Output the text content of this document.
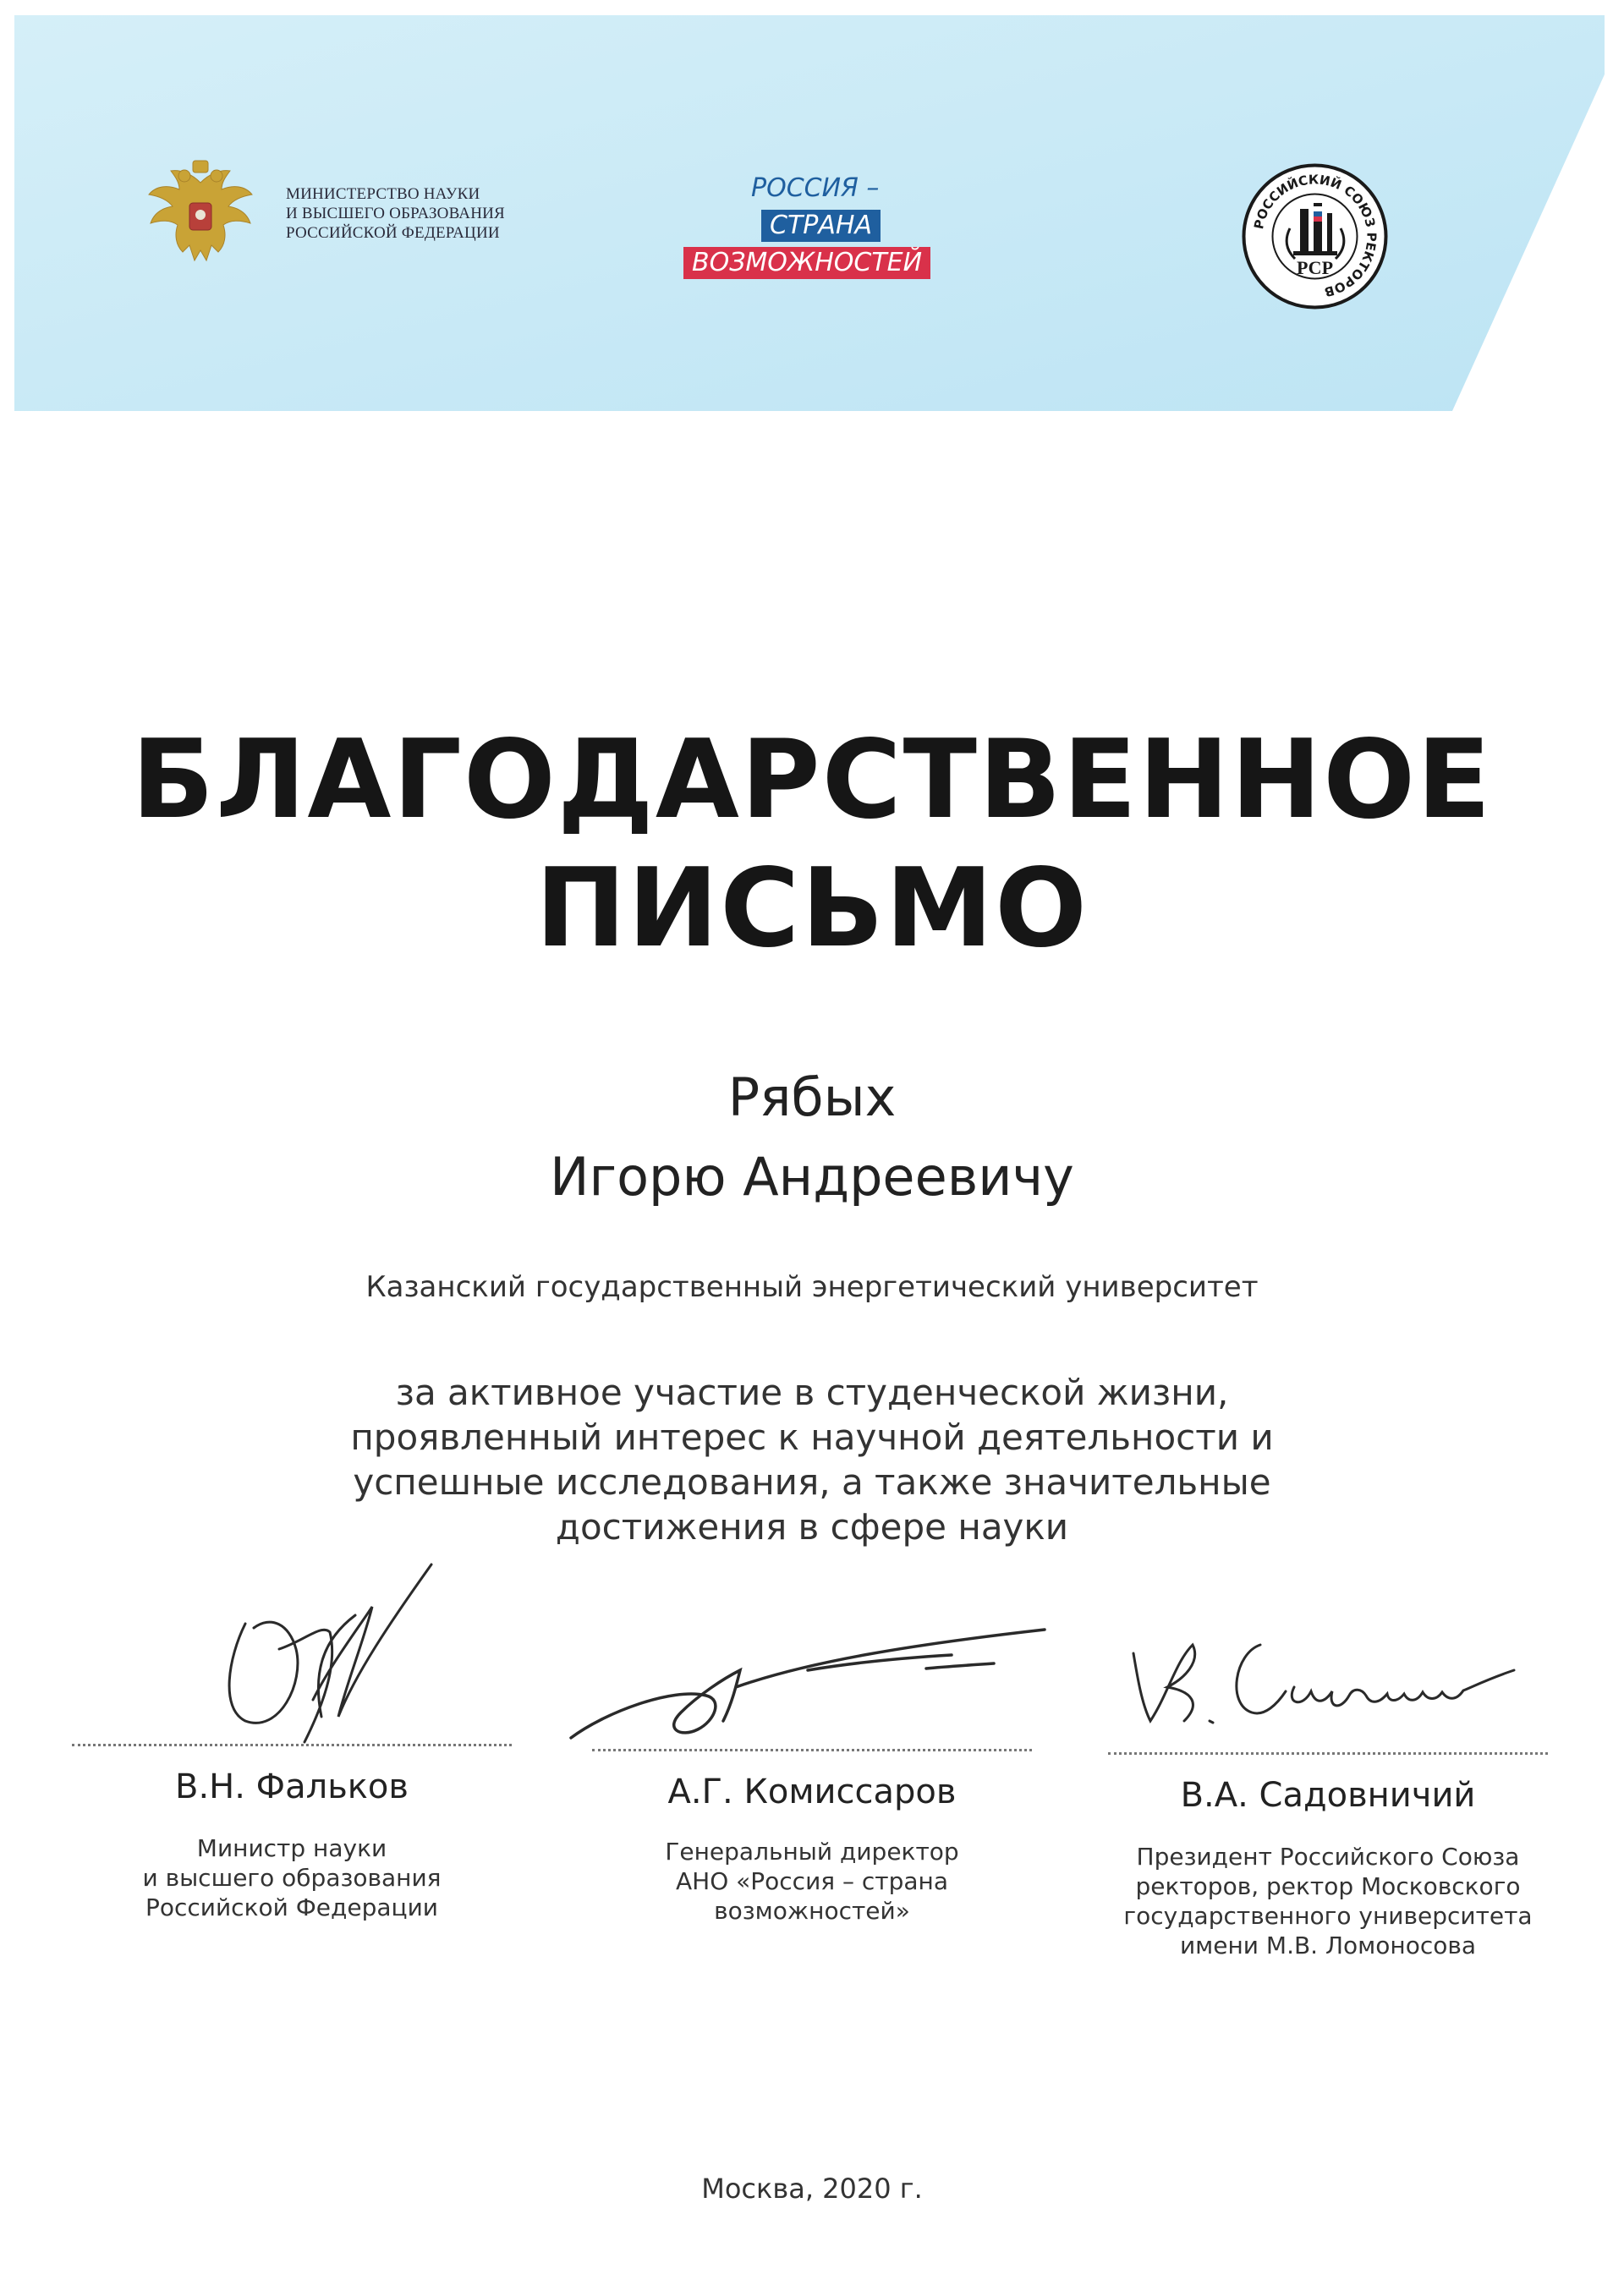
МИНИСТЕРСТВО НАУКИ
И ВЫСШЕГО ОБРАЗОВАНИЯ
РОССИЙСКОЙ ФЕДЕРАЦИИ
РОССИЯ –
СТРАНА
ВОЗМОЖНОСТЕЙ
РОССИЙСКИЙ СОЮЗ РЕКТОРОВ
РСР
БЛАГОДАРСТВЕННОЕ
ПИСЬМО
Рябых
Игорю Андреевичу
Казанский государственный энергетический университет
за активное участие в студенческой жизни,
проявленный интерес к научной деятельности и
успешные исследования, а также значительные
достижения в сфере науки
В.Н. Фальков
Министр науки
и высшего образования
Российской Федерации
А.Г. Комиссаров
Генеральный директор
АНО «Россия – страна
возможностей»
В.А. Садовничий
Президент Российского Союза
ректоров, ректор Московского
государственного университета
имени М.В. Ломоносова
Москва, 2020 г.
